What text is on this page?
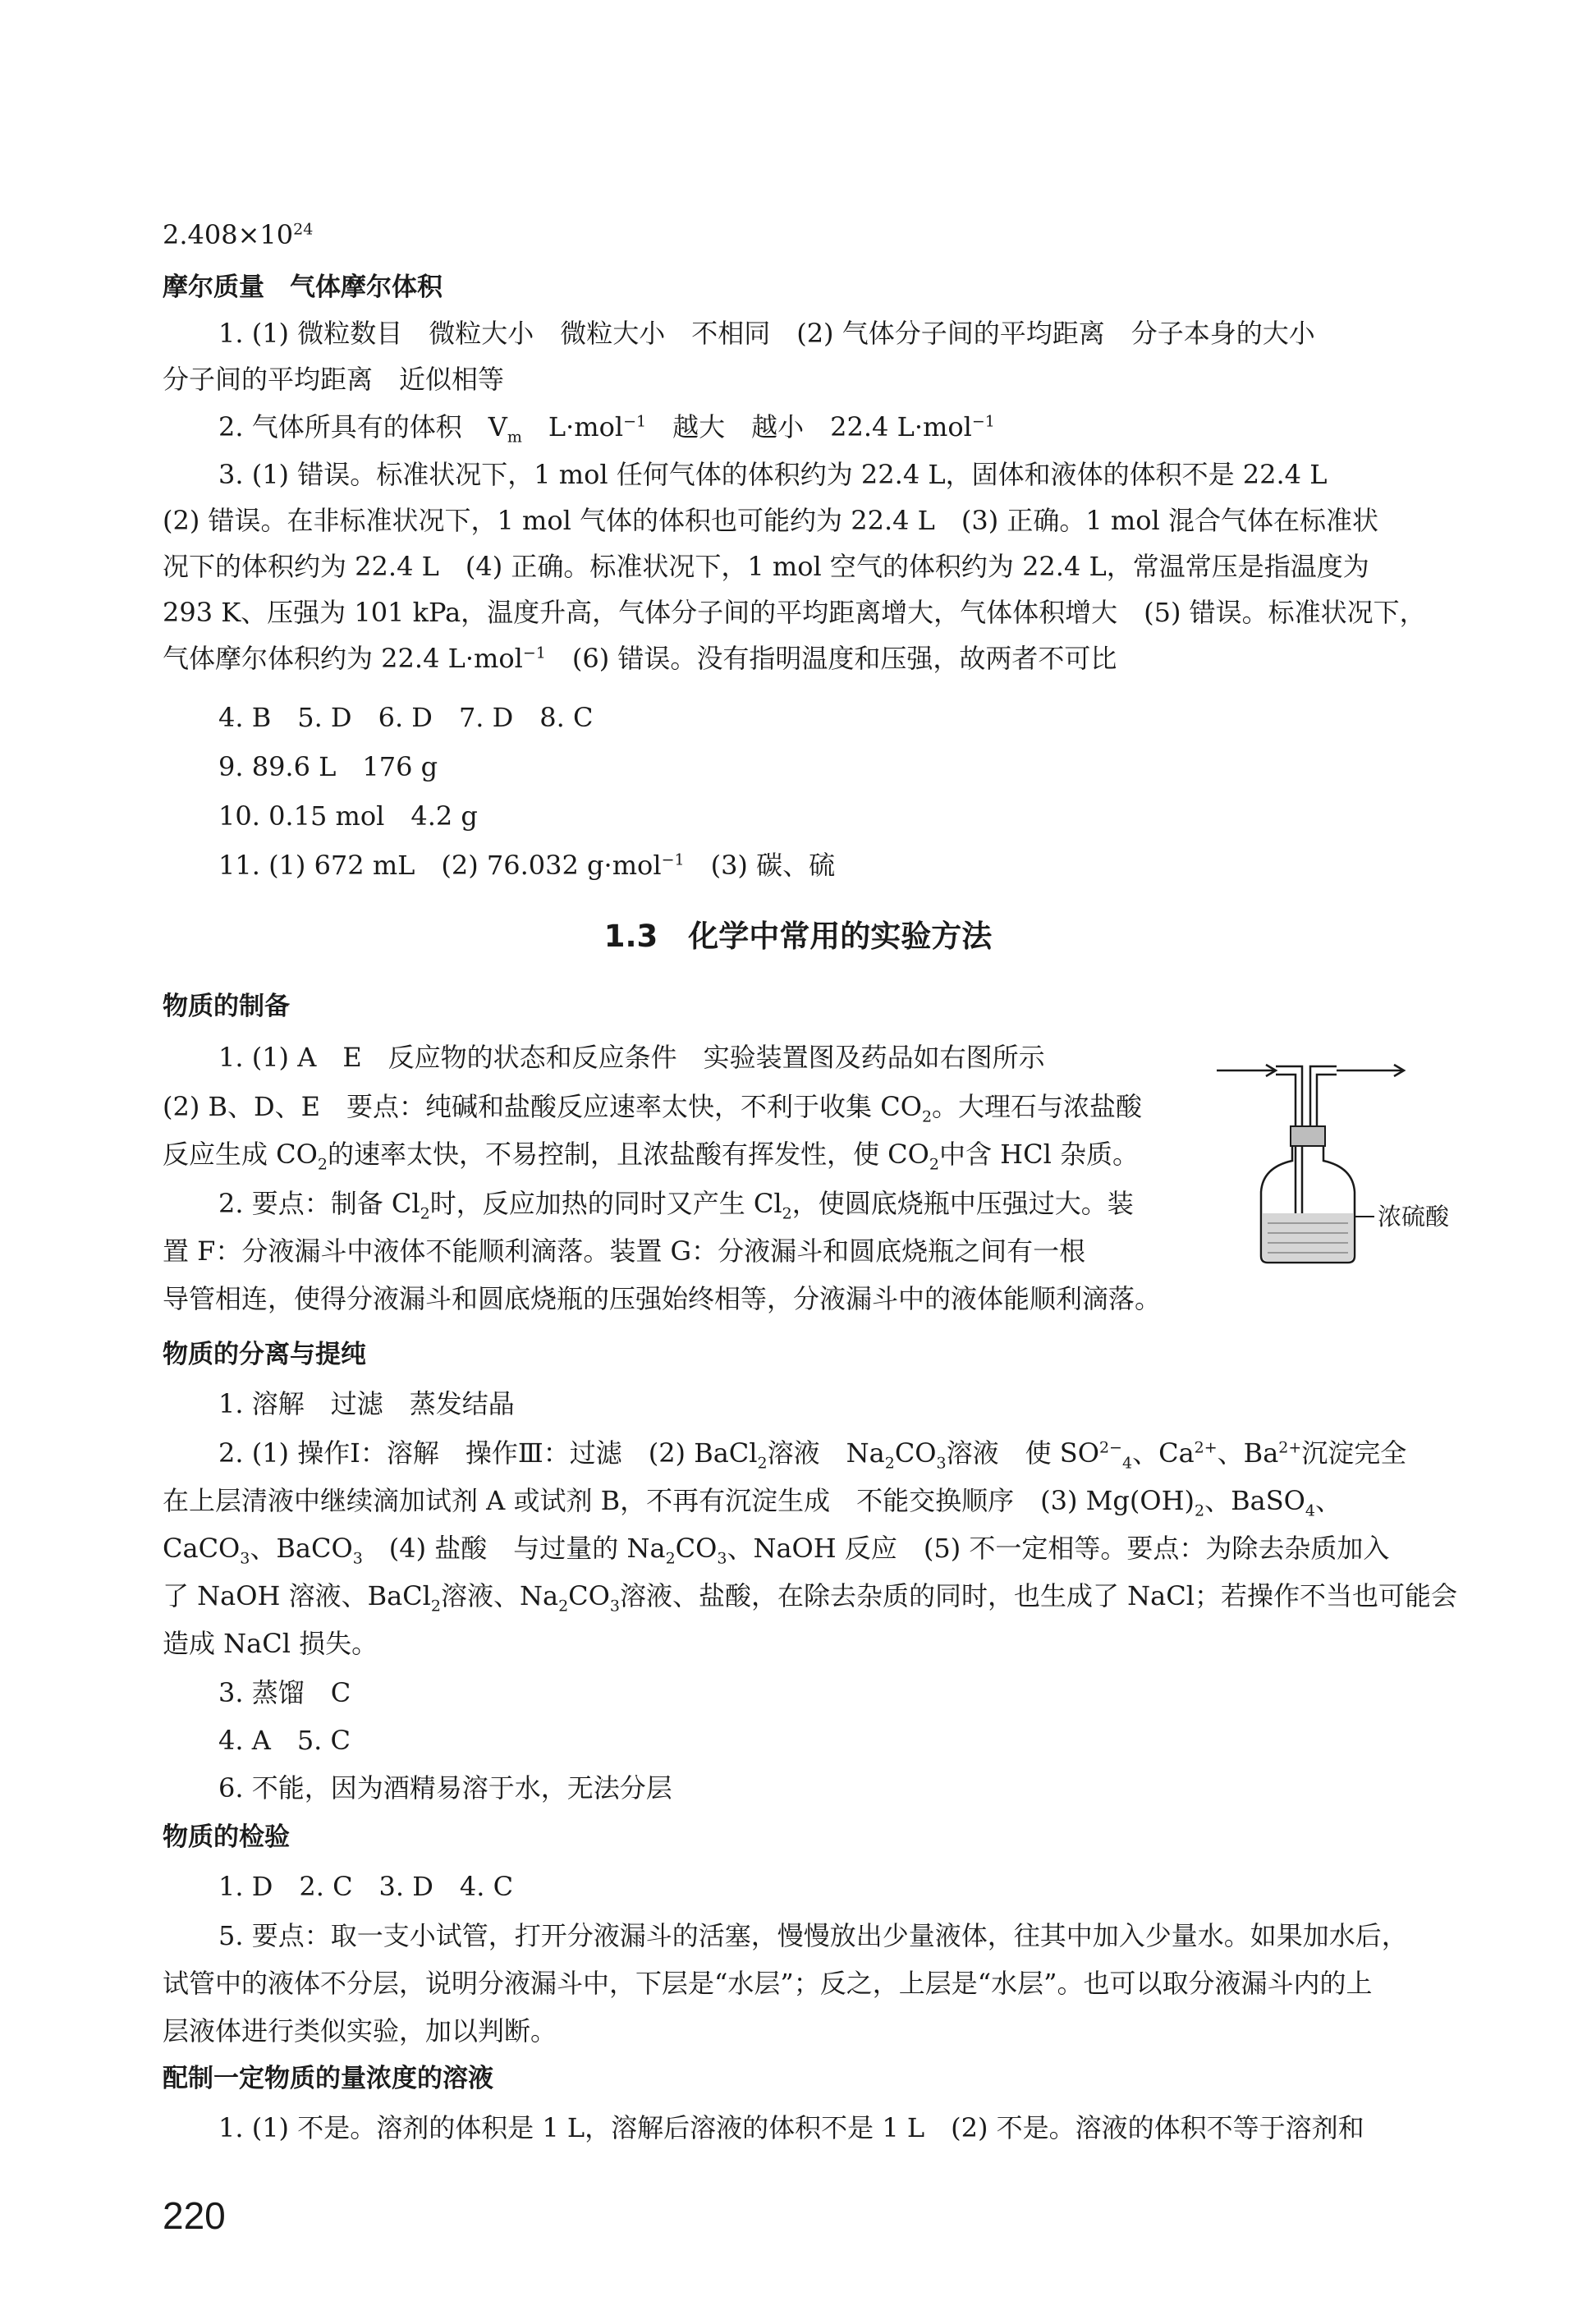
$2.408\times 10^{24}$
摩尔质量　气体摩尔体积
1. (1) 微粒数目　微粒大小　微粒大小　不相同　(2) 气体分子间的平均距离　分子本身的大小
分子间的平均距离　近似相等
2. 气体所具有的体积　$V_m$　L·mol$^{-1}$　越大　越小　22.4 L·mol$^{-1}$
3. (1) 错误。标准状况下，1 mol 任何气体的体积约为 22.4 L，固体和液体的体积不是 22.4 L
(2) 错误。在非标准状况下，1 mol 气体的体积也可能约为 22.4 L　(3) 正确。1 mol 混合气体在标准状
况下的体积约为 22.4 L　(4) 正确。标准状况下，1 mol 空气的体积约为 22.4 L，常温常压是指温度为
293 K、压强为 101 kPa，温度升高，气体分子间的平均距离增大，气体体积增大　(5) 错误。标准状况下，
气体摩尔体积约为 22.4 L·mol$^{-1}$　(6) 错误。没有指明温度和压强，故两者不可比
4. B　5. D　6. D　7. D　8. C
9. 89.6 L　176 g
10. 0.15 mol　4.2 g
11. (1) 672 mL　(2) 76.032 g·mol$^{-1}$　(3) 碳、硫
1.3　化学中常用的实验方法
物质的制备
1. (1) A　E　反应物的状态和反应条件　实验装置图及药品如右图所示
(2) B、D、E　要点：纯碱和盐酸反应速率太快，不利于收集 $CO_2$。大理石与浓盐酸
反应生成 $CO_2$的速率太快，不易控制，且浓盐酸有挥发性，使 $CO_2$中含 HCl 杂质。
2. 要点：制备 $Cl_2$时，反应加热的同时又产生 $Cl_2$，使圆底烧瓶中压强过大。装
置 F：分液漏斗中液体不能顺利滴落。装置 G：分液漏斗和圆底烧瓶之间有一根
导管相连，使得分液漏斗和圆底烧瓶的压强始终相等，分液漏斗中的液体能顺利滴落。
浓硫酸
物质的分离与提纯
1. 溶解　过滤　蒸发结晶
2. (1) 操作Ⅰ：溶解　操作Ⅲ：过滤　(2) BaCl$_2$溶液　$Na_2CO_3$溶液　使 $SO^{2-}_4$、$Ca^{2+}$、$Ba^{2+}$沉淀完全
在上层清液中继续滴加试剂 A 或试剂 B，不再有沉淀生成　不能交换顺序　(3) $Mg(OH)_2$、BaSO$_4$、
CaCO$_3$、BaCO$_3$　(4) 盐酸　与过量的 $Na_2CO_3$、NaOH 反应　(5) 不一定相等。要点：为除去杂质加入
了 NaOH 溶液、BaCl$_2$溶液、$Na_2CO_3$溶液、盐酸，在除去杂质的同时，也生成了 NaCl；若操作不当也可能会
造成 NaCl 损失。
3. 蒸馏　C
4. A　5. C
6. 不能，因为酒精易溶于水，无法分层
物质的检验
1. D　2. C　3. D　4. C
5. 要点：取一支小试管，打开分液漏斗的活塞，慢慢放出少量液体，往其中加入少量水。如果加水后，
试管中的液体不分层，说明分液漏斗中，下层是“水层”；反之，上层是“水层”。也可以取分液漏斗内的上
层液体进行类似实验，加以判断。
配制一定物质的量浓度的溶液
1. (1) 不是。溶剂的体积是 1 L，溶解后溶液的体积不是 1 L　(2) 不是。溶液的体积不等于溶剂和
220
